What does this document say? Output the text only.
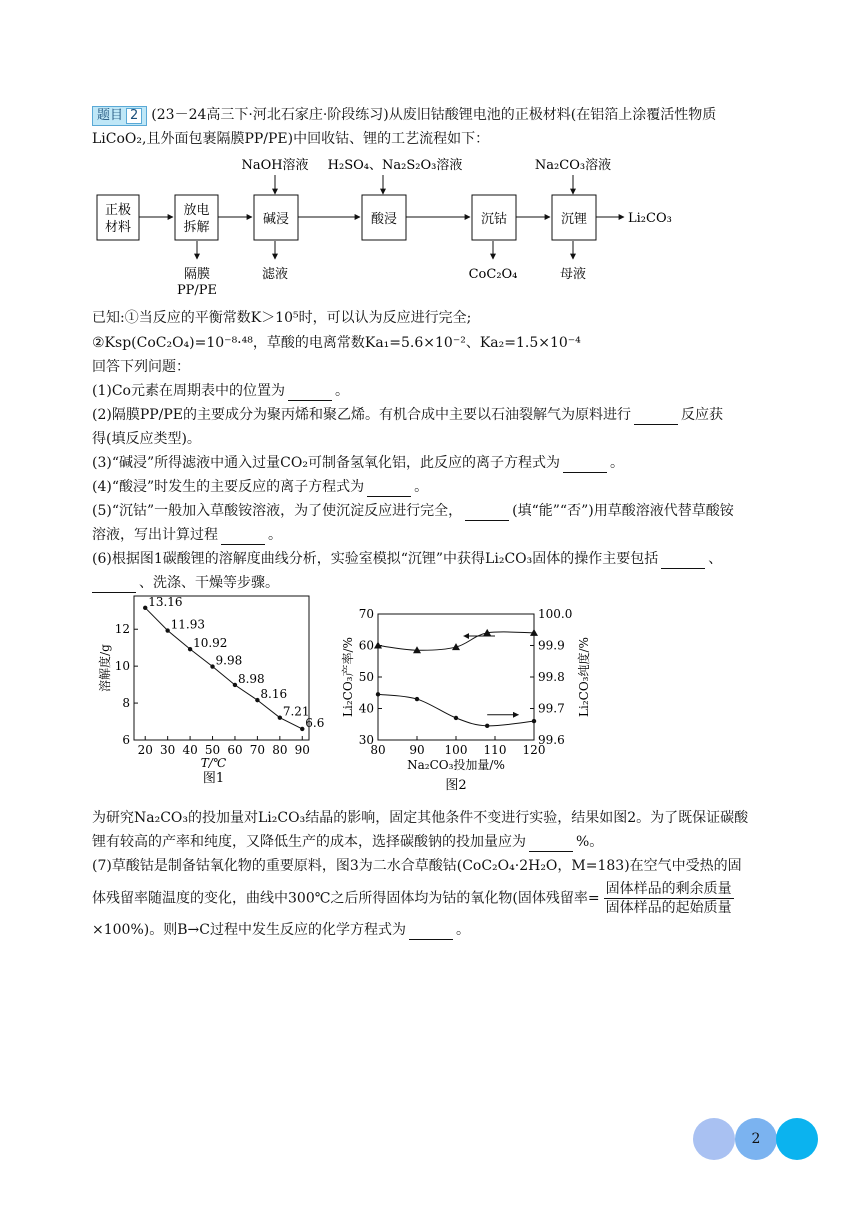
题目 2 (23－24高三下·河北石家庄·阶段练习)从废旧钴酸锂电池的正极材料(在铝箔上涂覆活性物质
LiCoO₂,且外面包裹隔膜PP/PE)中回收钴、锂的工艺流程如下：
正极
材料
放电
拆解
碱浸	酸浸	沉钴	沉锂
NaOH溶液 H₂SO₄、Na₂S₂O₃溶液	Na₂CO₃溶液
Li₂CO₃
隔膜
PP/PE
滤液	CoC₂O₄	母液
已知:①当反应的平衡常数K＞10⁵时，可以认为反应进行完全;
②Ksp(CoC₂O₄)=10⁻⁸·⁴⁸，草酸的电离常数Ka₁=5.6×10⁻²、Ka₂=1.5×10⁻⁴
回答下列问题：
(1)Co元素在周期表中的位置为	。
(2)隔膜PP/PE的主要成分为聚丙烯和聚乙烯。有机合成中主要以石油裂解气为原料进行	反应获
得(填反应类型)。
(3)“碱浸”所得滤液中通入过量CO₂可制备氢氧化铝，此反应的离子方程式为	。
(4)“酸浸”时发生的主要反应的离子方程式为	。
(5)“沉钴”一般加入草酸铵溶液，为了使沉淀反应进行完全，	(填“能”“否”)用草酸溶液代替草酸铵
溶液，写出计算过程	。
(6)根据图1碳酸锂的溶解度曲线分析，实验室模拟“沉锂”中获得Li₂CO₃固体的操作主要包括	、
、洗涤、干燥等步骤。
20 30 40 50 60 70 80 90
6
8
10
12
13.16
11.93
10.92
9.98
8.98
8.16
7.21
6.6
T/℃
图1
溶解度/g
80 90 100 110 120
30
40
50
60
70
99.6
99.7
99.8
99.9
100.0
Na₂CO₃投加量/%
图2
Li₂CO₃产率/%	Li₂CO₃纯度/%
为研究Na₂CO₃的投加量对Li₂CO₃结晶的影响，固定其他条件不变进行实验，结果如图2。为了既保证碳酸
锂有较高的产率和纯度，又降低生产的成本，选择碳酸钠的投加量应为	%。
(7)草酸钴是制备钴氧化物的重要原料，图3为二水合草酸钴(CoC₂O₄·2H₂O，M=183)在空气中受热的固
体残留率随温度的变化，曲线中300℃之后所得固体均为钴的氧化物(固体残留率= $\frac{\text{固体样品的剩余质量}}{\text{固体样品的起始质量}}$
×100%)。则B→C过程中发生反应的化学方程式为	。
2
